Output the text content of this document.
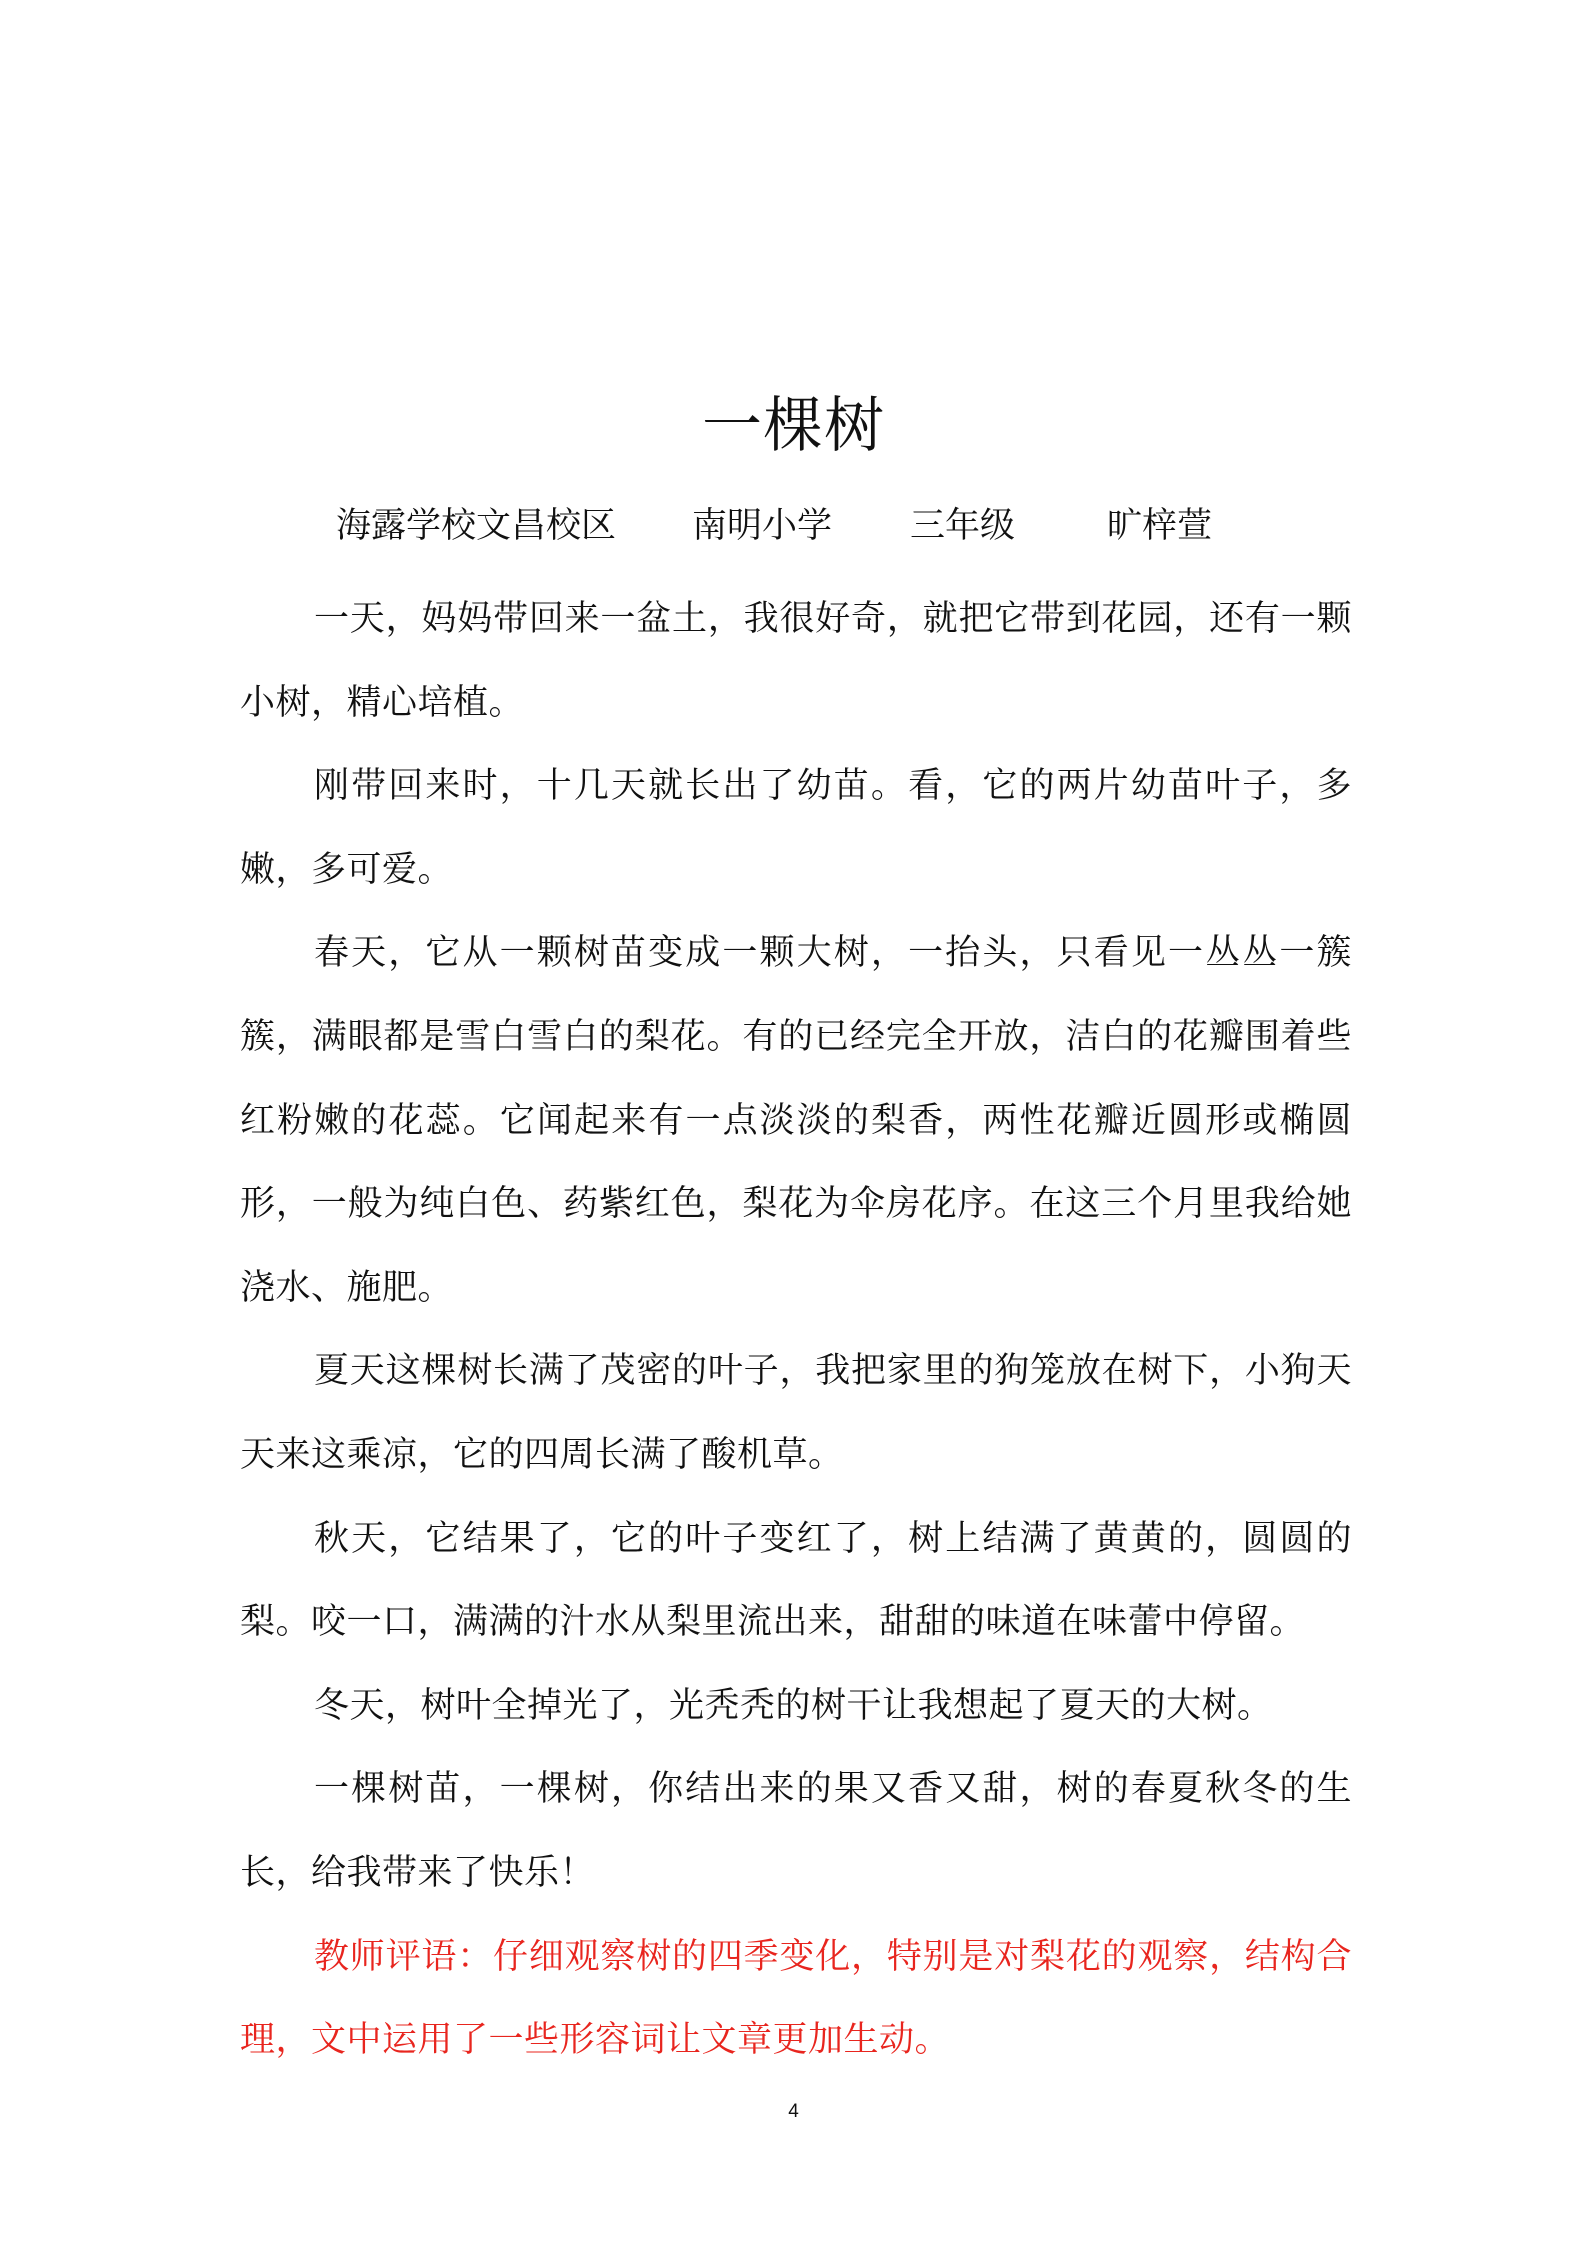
一棵树
海露学校文昌校区 南明小学 三年级	旷梓萱

一天，妈妈带回来一盆土，我很好奇，就把它带到花园，还有一颗小树，精心培植。

刚带回来时，十几天就长出了幼苗。看，它的两片幼苗叶子，多嫩，多可爱。

春天，它从一颗树苗变成一颗大树，一抬头，只看见一丛丛一簇簇，满眼都是雪白雪白的梨花。有的已经完全开放，洁白的花瓣围着些红粉嫩的花蕊。它闻起来有一点淡淡的梨香，两性花瓣近圆形或椭圆形，一般为纯白色、药紫红色，梨花为伞房花序。在这三个月里我给她浇水、施肥。

夏天这棵树长满了茂密的叶子，我把家里的狗笼放在树下，小狗天天来这乘凉，它的四周长满了酸机草。

秋天，它结果了，它的叶子变红了，树上结满了黄黄的，圆圆的梨。咬一口，满满的汁水从梨里流出来，甜甜的味道在味蕾中停留。

冬天，树叶全掉光了，光秃秃的树干让我想起了夏天的大树。

一棵树苗，一棵树，你结出来的果又香又甜，树的春夏秋冬的生长，给我带来了快乐！

教师评语：仔细观察树的四季变化，特别是对梨花的观察，结构合理，文中运用了一些形容词让文章更加生动。

4
